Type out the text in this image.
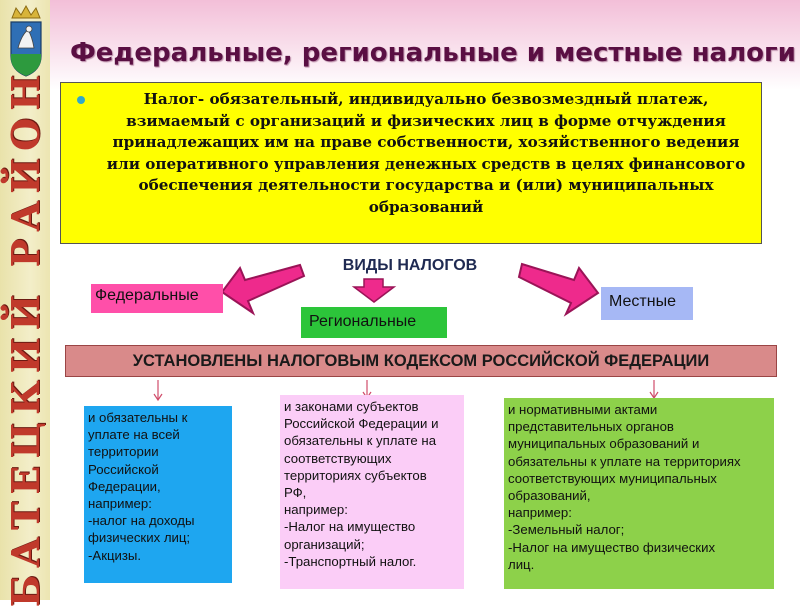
БАТЕЦКИЙ РАЙОН
Федеральные, региональные и местные налоги
Налог- обязательный, индивидуально безвозмездный платеж,
взимаемый с организаций и физических лиц в форме отчуждения
принадлежащих им на праве собственности, хозяйственного ведения
или оперативного управления денежных средств в целях финансового
обеспечения деятельности государства и (или) муниципальных
образований
ВИДЫ НАЛОГОВ
Федеральные
Региональные
Местные
УСТАНОВЛЕНЫ НАЛОГОВЫМ КОДЕКСОМ РОССИЙСКОЙ ФЕДЕРАЦИИ
и обязательны к
уплате на всей
территории
Российской
Федерации,
например:
-налог на доходы
физических лиц;
-Акцизы.
и законами субъектов
Российской Федерации и
обязательны к уплате на
соответствующих
территориях субъектов
РФ,
например:
-Налог на имущество
организаций;
-Транспортный налог.
и нормативными актами
представительных органов
муниципальных образований и
обязательны к уплате на территориях
соответствующих муниципальных
образований,
например:
-Земельный налог;
-Налог на имущество физических
лиц.
